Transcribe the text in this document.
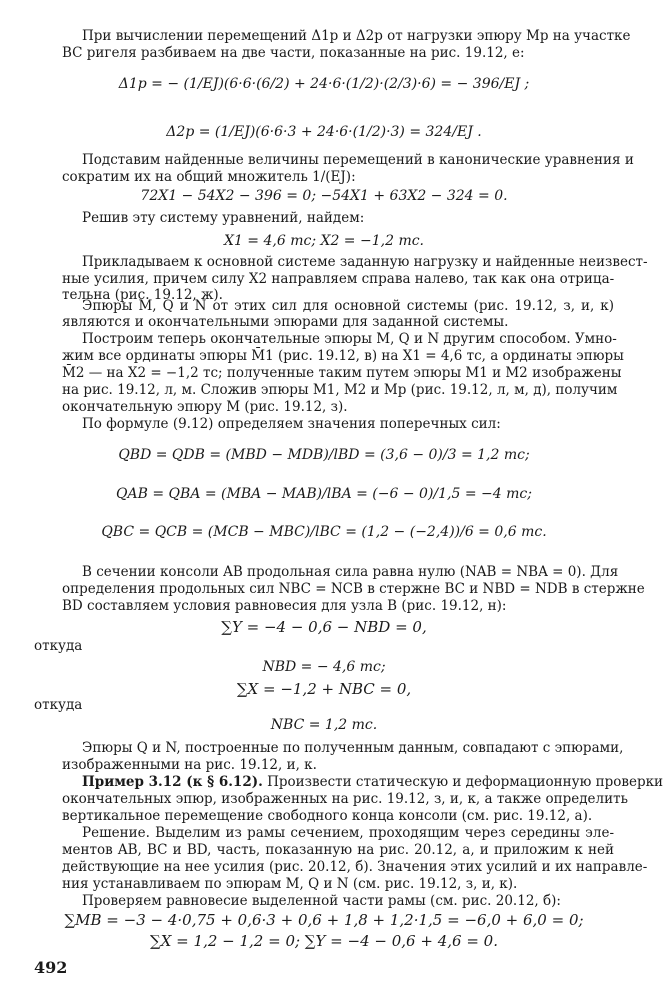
При вычислении перемещений Δ1p и Δ2p от нагрузки эпюру Mp на участке
BC ригеля разбиваем на две части, показанные на рис. 19.12, е:
Δ1p = − (1/EJ)(6·6·(6/2) + 24·6·(1/2)·(2/3)·6) = − 396/EJ ;
Δ2p = (1/EJ)(6·6·3 + 24·6·(1/2)·3) = 324/EJ .
Подставим найденные величины перемещений в канонические уравнения и
сократим их на общий множитель 1/(EJ):
72X1 − 54X2 − 396 = 0; −54X1 + 63X2 − 324 = 0.
Решив эту систему уравнений, найдем:
X1 = 4,6 тс; X2 = −1,2 тс.
Прикладываем к основной системе заданную нагрузку и найденные неизвест-
ные усилия, причем силу X2 направляем справа налево, так как она отрица-
тельна (рис. 19.12, ж).
Эпюры M, Q и N от этих сил для основной системы (рис. 19.12, з, и, к)
являются и окончательными эпюрами для заданной системы.
Построим теперь окончательные эпюры M, Q и N другим способом. Умно-
жим все ординаты эпюры M̄1 (рис. 19.12, в) на X1 = 4,6 тс, а ординаты эпюры
M̄2 — на X2 = −1,2 тс; полученные таким путем эпюры M1 и M2 изображены
на рис. 19.12, л, м. Сложив эпюры M1, M2 и Mp (рис. 19.12, л, м, д), получим
окончательную эпюру M (рис. 19.12, з).
По формуле (9.12) определяем значения поперечных сил:
QBD = QDB = (MBD − MDB)/lBD = (3,6 − 0)/3 = 1,2 тс;
QAB = QBA = (MBA − MAB)/lBA = (−6 − 0)/1,5 = −4 тс;
QBC = QCB = (MCB − MBC)/lBC = (1,2 − (−2,4))/6 = 0,6 тс.
В сечении консоли AB продольная сила равна нулю (NAB = NBA = 0). Для
определения продольных сил NBC = NCB в стержне BC и NBD = NDB в стержне
BD составляем условия равновесия для узла B (рис. 19.12, н):
∑Y = −4 − 0,6 − NBD = 0,
откуда
NBD = − 4,6 тс;
∑X = −1,2 + NBC = 0,
откуда
NBC = 1,2 тс.
Эпюры Q и N, построенные по полученным данным, совпадают с эпюрами,
изображенными на рис. 19.12, и, к.
Пример 3.12 (к § 6.12). Произвести статическую и деформационную проверки
окончательных эпюр, изображенных на рис. 19.12, з, и, к, а также определить
вертикальное перемещение свободного конца консоли (см. рис. 19.12, а).
Решение. Выделим из рамы сечением, проходящим через середины эле-
ментов AB, BC и BD, часть, показанную на рис. 20.12, а, и приложим к ней
действующие на нее усилия (рис. 20.12, б). Значения этих усилий и их направле-
ния устанавливаем по эпюрам M, Q и N (см. рис. 19.12, з, и, к).
Проверяем равновесие выделенной части рамы (см. рис. 20.12, б):
∑MB = −3 − 4·0,75 + 0,6·3 + 0,6 + 1,8 + 1,2·1,5 = −6,0 + 6,0 = 0;
∑X = 1,2 − 1,2 = 0; ∑Y = −4 − 0,6 + 4,6 = 0.
492
